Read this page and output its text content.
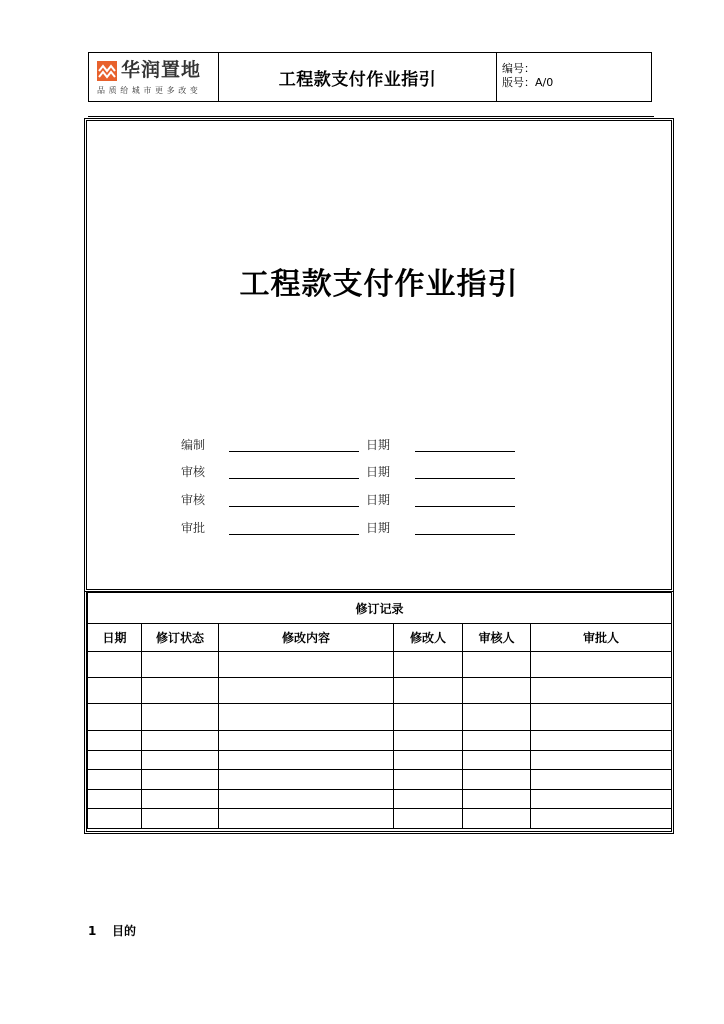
华润置地
品质给城市更多改变
工程款支付作业指引
编号：
版号：A/0
工程款支付作业指引
编制	日期
审核	日期
审核	日期
审批	日期
修订记录					
日期	修订状态	修改内容	修改人	审核人	审批人

1 目的
